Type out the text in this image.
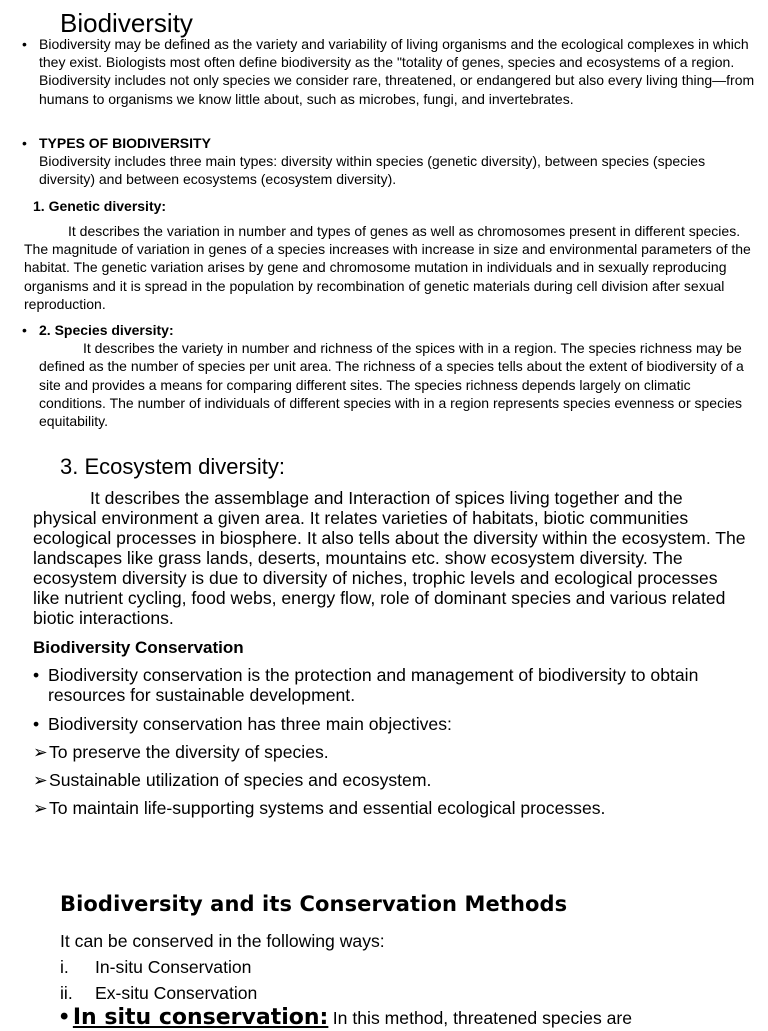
Biodiversity
• Biodiversity may be defined as the variety and variability of living organisms and the ecological complexes in which they exist. Biologists most often define biodiversity as the "totality of genes, species and ecosystems of a region. Biodiversity includes not only species we consider rare, threatened, or endangered but also every living thing—from humans to organisms we know little about, such as microbes, fungi, and invertebrates.
• TYPES OF BIODIVERSITY
Biodiversity includes three main types: diversity within species (genetic diversity), between species (species diversity) and between ecosystems (ecosystem diversity).
1. Genetic diversity:
It describes the variation in number and types of genes as well as chromosomes present in different species. The magnitude of variation in genes of a species increases with increase in size and environmental parameters of the habitat. The genetic variation arises by gene and chromosome mutation in individuals and in sexually reproducing organisms and it is spread in the population by recombination of genetic materials during cell division after sexual reproduction.
• 2. Species diversity:
It describes the variety in number and richness of the spices with in a region. The species richness may be defined as the number of species per unit area. The richness of a species tells about the extent of biodiversity of a site and provides a means for comparing different sites. The species richness depends largely on climatic conditions. The number of individuals of different species with in a region represents species evenness or species equitability.
3. Ecosystem diversity:
It describes the assemblage and Interaction of spices living together and the physical environment a given area. It relates varieties of habitats, biotic communities ecological processes in biosphere. It also tells about the diversity within the ecosystem. The landscapes like grass lands, deserts, mountains etc. show ecosystem diversity. The ecosystem diversity is due to diversity of niches, trophic levels and ecological processes like nutrient cycling, food webs, energy flow, role of dominant species and various related biotic interactions.
Biodiversity Conservation
• Biodiversity conservation is the protection and management of biodiversity to obtain resources for sustainable development.
• Biodiversity conservation has three main objectives:
➢To preserve the diversity of species.
➢Sustainable utilization of species and ecosystem.
➢To maintain life-supporting systems and essential ecological processes.
Biodiversity and its Conservation Methods
It can be conserved in the following ways:
i. In-situ Conservation
ii. Ex-situ Conservation
• In situ conservation: In this method, threatened species are
